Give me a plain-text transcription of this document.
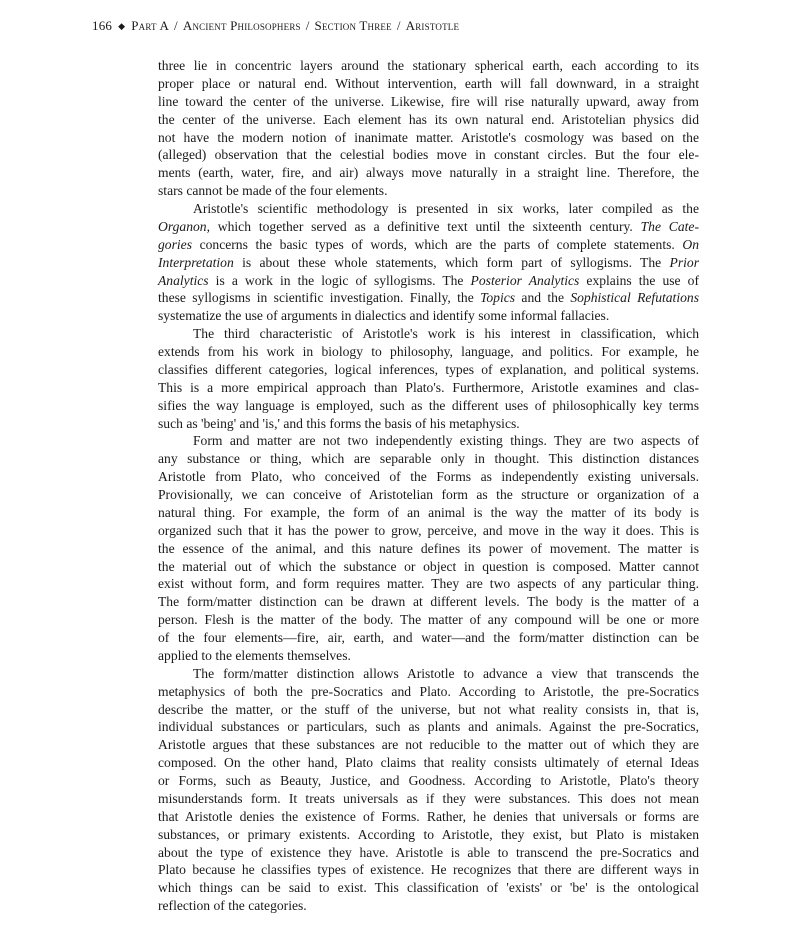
166 ◆ Part A / Ancient Philosophers / Section Three / Aristotle
three lie in concentric layers around the stationary spherical earth, each according to its
proper place or natural end. Without intervention, earth will fall downward, in a straight
line toward the center of the universe. Likewise, fire will rise naturally upward, away from
the center of the universe. Each element has its own natural end. Aristotelian physics did
not have the modern notion of inanimate matter. Aristotle's cosmology was based on the
(alleged) observation that the celestial bodies move in constant circles. But the four ele-
ments (earth, water, fire, and air) always move naturally in a straight line. Therefore, the
stars cannot be made of the four elements.
Aristotle's scientific methodology is presented in six works, later compiled as the
Organon, which together served as a definitive text until the sixteenth century. The Cate-
gories concerns the basic types of words, which are the parts of complete statements. On
Interpretation is about these whole statements, which form part of syllogisms. The Prior
Analytics is a work in the logic of syllogisms. The Posterior Analytics explains the use of
these syllogisms in scientific investigation. Finally, the Topics and the Sophistical Refutations
systematize the use of arguments in dialectics and identify some informal fallacies.
The third characteristic of Aristotle's work is his interest in classification, which
extends from his work in biology to philosophy, language, and politics. For example, he
classifies different categories, logical inferences, types of explanation, and political systems.
This is a more empirical approach than Plato's. Furthermore, Aristotle examines and clas-
sifies the way language is employed, such as the different uses of philosophically key terms
such as 'being' and 'is,' and this forms the basis of his metaphysics.
Form and matter are not two independently existing things. They are two aspects of
any substance or thing, which are separable only in thought. This distinction distances
Aristotle from Plato, who conceived of the Forms as independently existing universals.
Provisionally, we can conceive of Aristotelian form as the structure or organization of a
natural thing. For example, the form of an animal is the way the matter of its body is
organized such that it has the power to grow, perceive, and move in the way it does. This is
the essence of the animal, and this nature defines its power of movement. The matter is
the material out of which the substance or object in question is composed. Matter cannot
exist without form, and form requires matter. They are two aspects of any particular thing.
The form/matter distinction can be drawn at different levels. The body is the matter of a
person. Flesh is the matter of the body. The matter of any compound will be one or more
of the four elements—fire, air, earth, and water—and the form/matter distinction can be
applied to the elements themselves.
The form/matter distinction allows Aristotle to advance a view that transcends the
metaphysics of both the pre-Socratics and Plato. According to Aristotle, the pre-Socratics
describe the matter, or the stuff of the universe, but not what reality consists in, that is,
individual substances or particulars, such as plants and animals. Against the pre-Socratics,
Aristotle argues that these substances are not reducible to the matter out of which they are
composed. On the other hand, Plato claims that reality consists ultimately of eternal Ideas
or Forms, such as Beauty, Justice, and Goodness. According to Aristotle, Plato's theory
misunderstands form. It treats universals as if they were substances. This does not mean
that Aristotle denies the existence of Forms. Rather, he denies that universals or forms are
substances, or primary existents. According to Aristotle, they exist, but Plato is mistaken
about the type of existence they have. Aristotle is able to transcend the pre-Socratics and
Plato because he classifies types of existence. He recognizes that there are different ways in
which things can be said to exist. This classification of 'exists' or 'be' is the ontological
reflection of the categories.
